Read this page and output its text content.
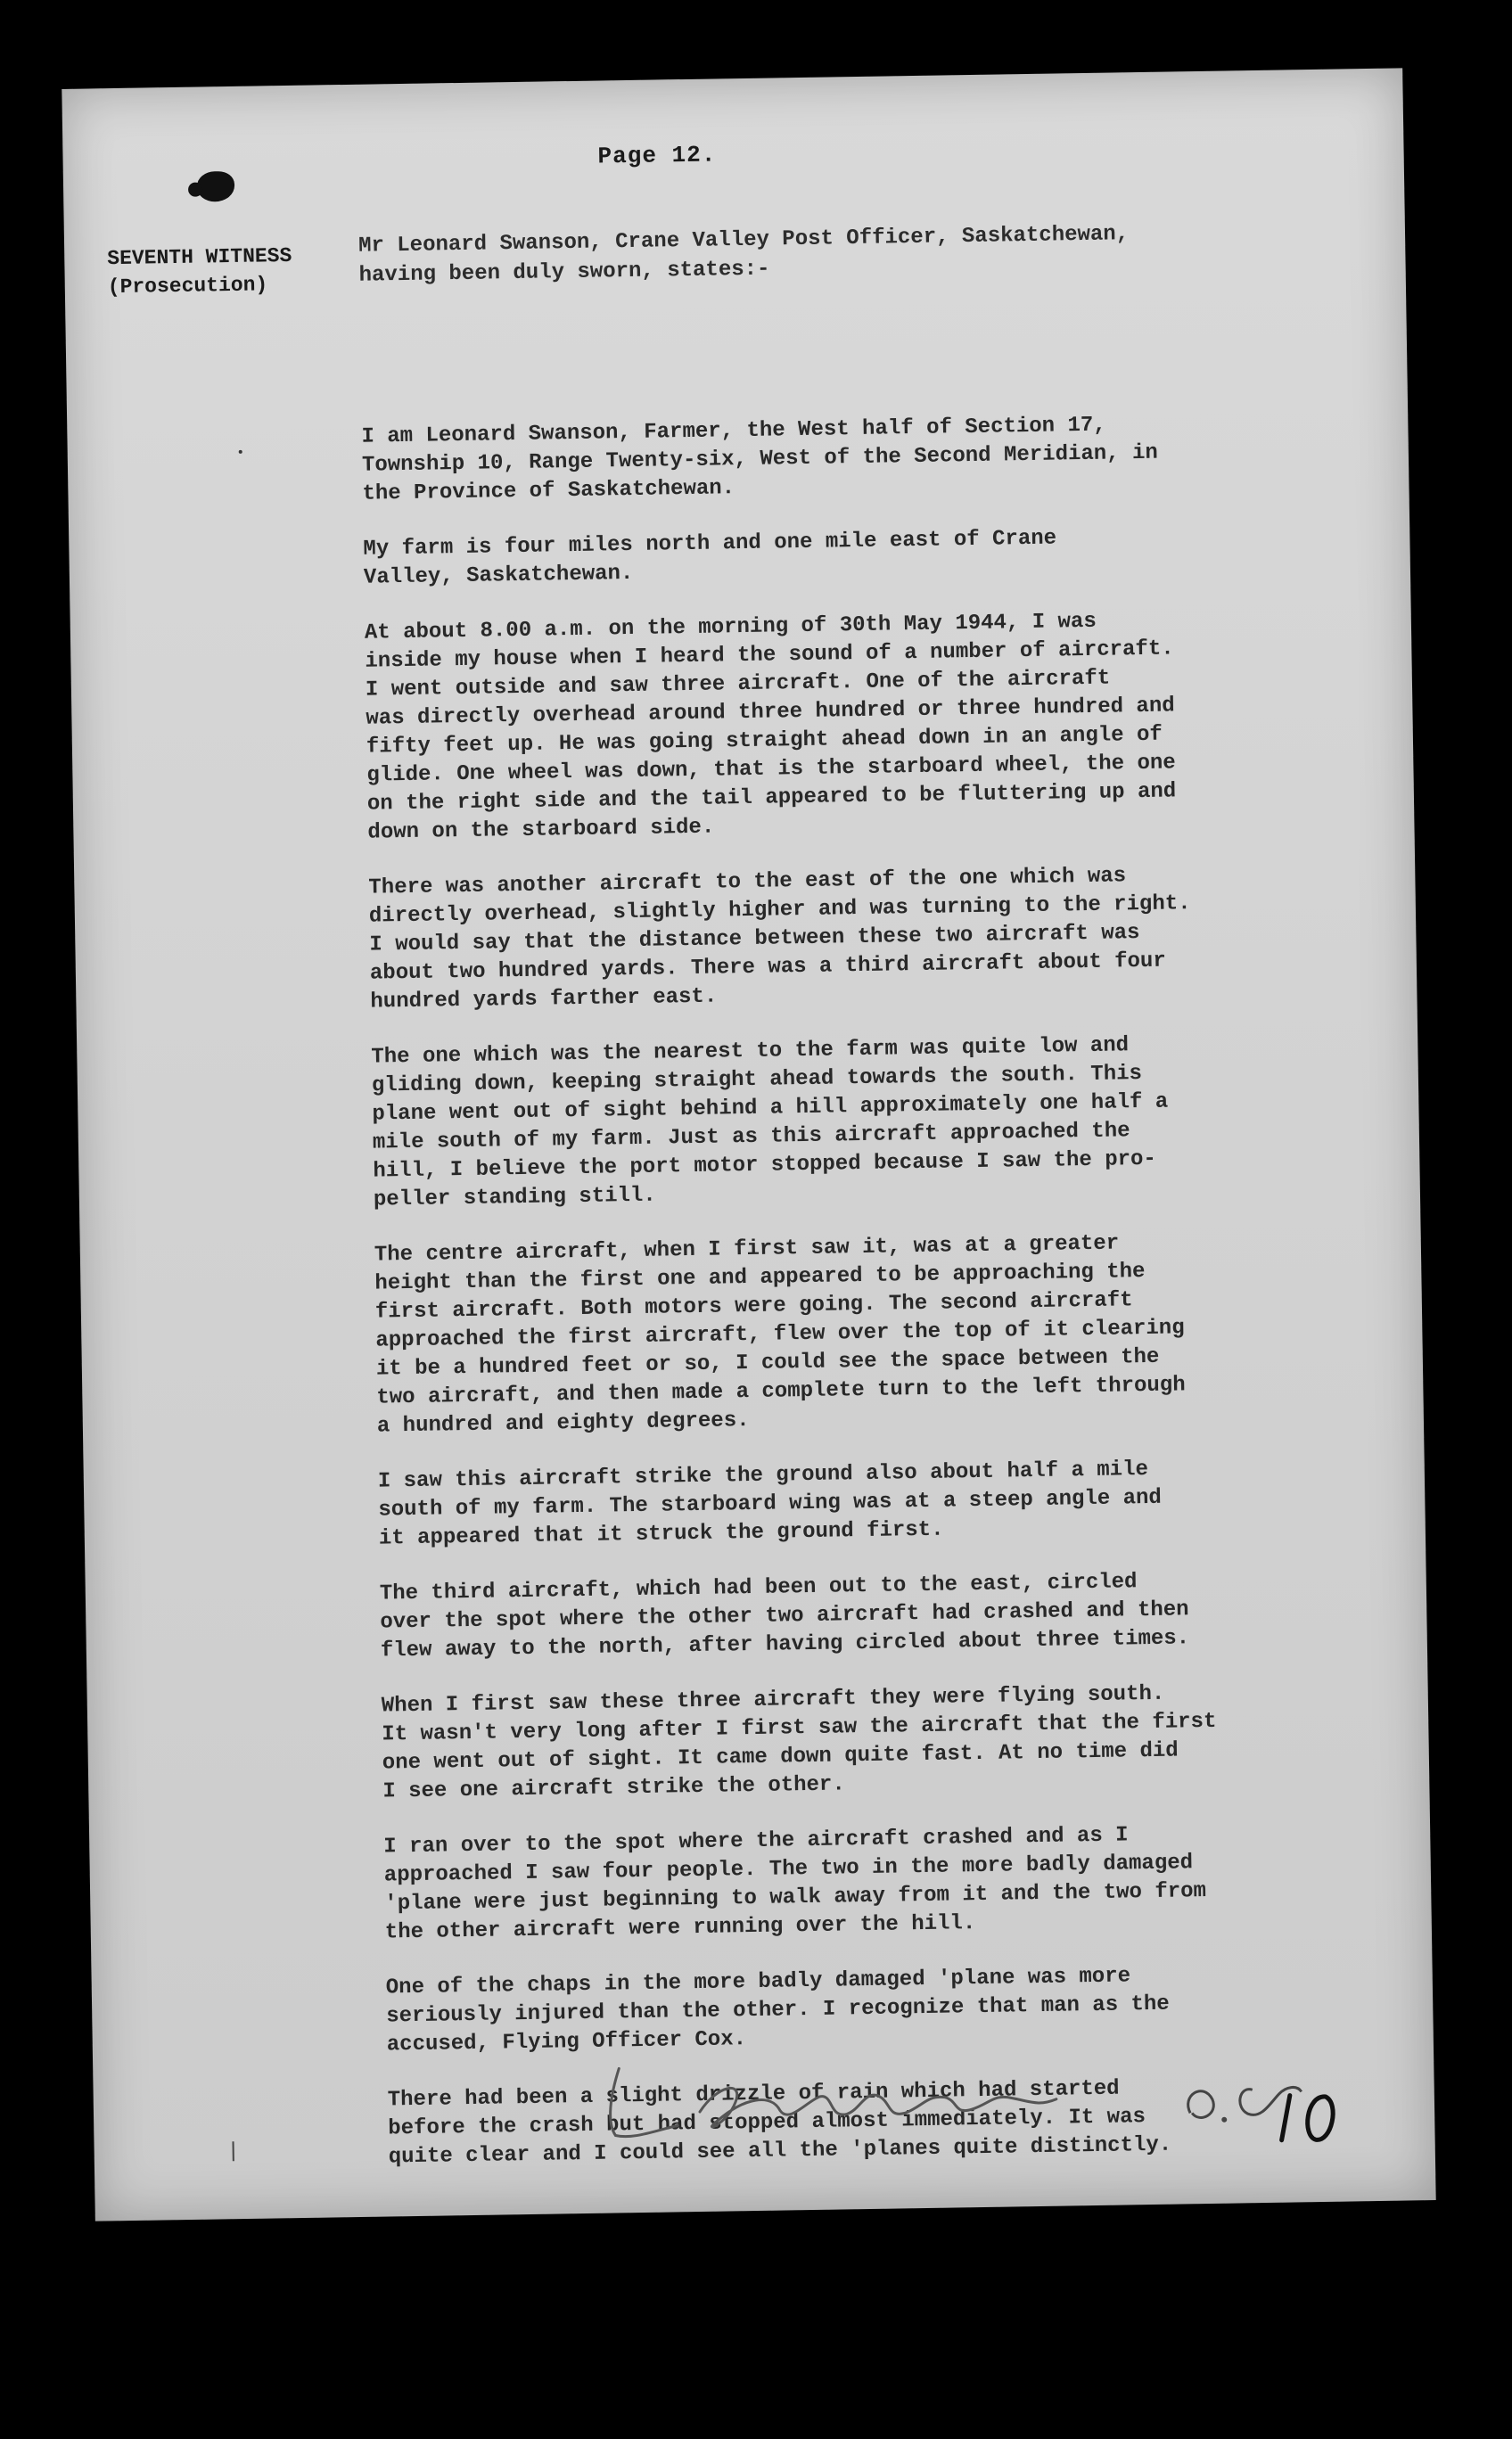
Page 12.
SEVENTH WITNESS
(Prosecution)
Mr Leonard Swanson, Crane Valley Post Officer, Saskatchewan,
having been duly sworn, states:-

I am Leonard Swanson, Farmer, the West half of Section 17,
Township 10, Range Twenty-six, West of the Second Meridian, in
the Province of Saskatchewan.

My farm is four miles north and one mile east of Crane
Valley, Saskatchewan.

At about 8.00 a.m. on the morning of 30th May 1944, I was
inside my house when I heard the sound of a number of aircraft.
I went outside and saw three aircraft. One of the aircraft
was directly overhead around three hundred or three hundred and
fifty feet up. He was going straight ahead down in an angle of
glide. One wheel was down, that is the starboard wheel, the one
on the right side and the tail appeared to be fluttering up and
down on the starboard side.

There was another aircraft to the east of the one which was
directly overhead, slightly higher and was turning to the right.
I would say that the distance between these two aircraft was
about two hundred yards. There was a third aircraft about four
hundred yards farther east.

The one which was the nearest to the farm was quite low and
gliding down, keeping straight ahead towards the south. This
plane went out of sight behind a hill approximately one half a
mile south of my farm. Just as this aircraft approached the
hill, I believe the port motor stopped because I saw the pro-
peller standing still.

The centre aircraft, when I first saw it, was at a greater
height than the first one and appeared to be approaching the
first aircraft. Both motors were going. The second aircraft
approached the first aircraft, flew over the top of it clearing
it be a hundred feet or so, I could see the space between the
two aircraft, and then made a complete turn to the left through
a hundred and eighty degrees.

I saw this aircraft strike the ground also about half a mile
south of my farm. The starboard wing was at a steep angle and
it appeared that it struck the ground first.

The third aircraft, which had been out to the east, circled
over the spot where the other two aircraft had crashed and then
flew away to the north, after having circled about three times.

When I first saw these three aircraft they were flying south.
It wasn't very long after I first saw the aircraft that the first
one went out of sight. It came down quite fast. At no time did
I see one aircraft strike the other.

I ran over to the spot where the aircraft crashed and as I
approached I saw four people. The two in the more badly damaged
'plane were just beginning to walk away from it and the two from
the other aircraft were running over the hill.

One of the chaps in the more badly damaged 'plane was more
seriously injured than the other. I recognize that man as the
accused, Flying Officer Cox.

There had been a slight drizzle of rain which had started
before the crash but had stopped almost immediately. It was
quite clear and I could see all the 'planes quite distinctly.
